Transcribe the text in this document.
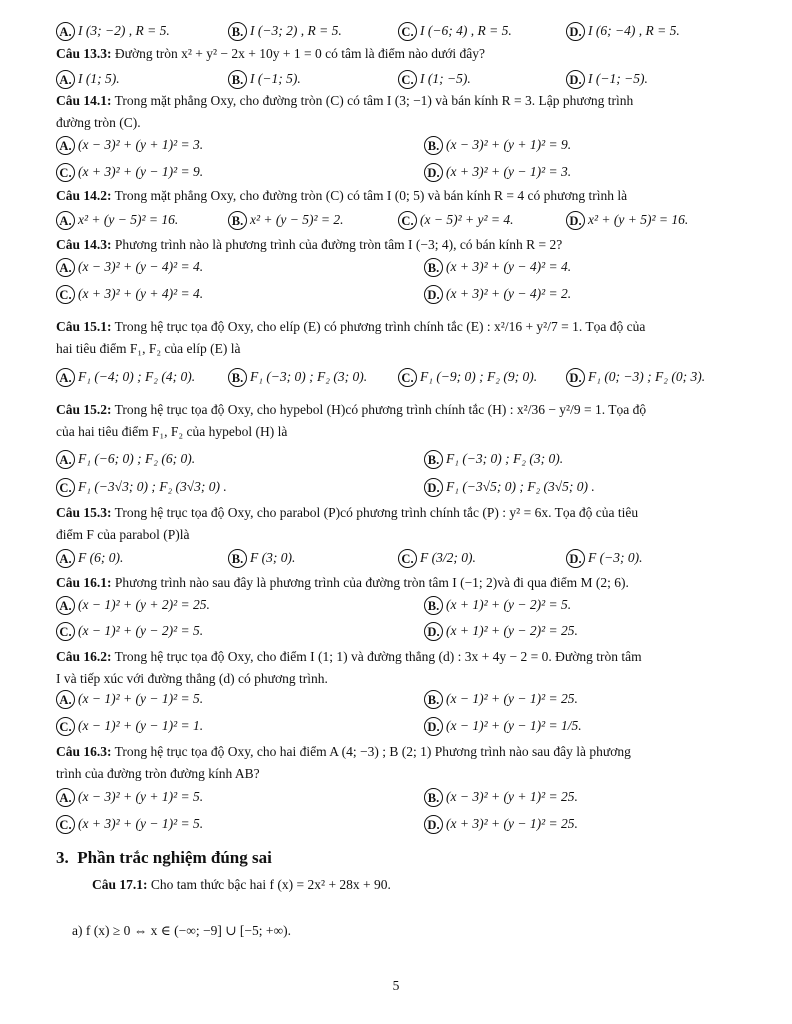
A. I (3; −2) , R = 5.	B. I (−3; 2) , R = 5.	C. I (−6; 4) , R = 5.	D. I (6; −4) , R = 5.
Câu 13.3: Đường tròn x² + y² − 2x + 10y + 1 = 0 có tâm là điểm nào dưới đây?
A. I (1; 5).	B. I (−1; 5).	C. I (1; −5).	D. I (−1; −5).
Câu 14.1: Trong mặt phẳng Oxy, cho đường tròn (C) có tâm I (3; −1) và bán kính R = 3. Lập phương trình
đường tròn (C).
A. (x − 3)² + (y + 1)² = 3.	B. (x − 3)² + (y + 1)² = 9.
C. (x + 3)² + (y − 1)² = 9.	D. (x + 3)² + (y − 1)² = 3.
Câu 14.2: Trong mặt phẳng Oxy, cho đường tròn (C) có tâm I (0; 5) và bán kính R = 4 có phương trình là
A. x² + (y − 5)² = 16.	B. x² + (y − 5)² = 2.	C. (x − 5)² + y² = 4.	D. x² + (y + 5)² = 16.
Câu 14.3: Phương trình nào là phương trình của đường tròn tâm I (−3; 4), có bán kính R = 2?
A. (x − 3)² + (y − 4)² = 4.	B. (x + 3)² + (y − 4)² = 4.
C. (x + 3)² + (y + 4)² = 4.	D. (x + 3)² + (y − 4)² = 2.
Câu 15.1: Trong hệ trục tọa độ Oxy, cho elíp (E) có phương trình chính tắc (E) : x²/16 + y²/7 = 1. Tọa độ của
hai tiêu điểm F₁, F₂ của elíp (E) là
A. F₁ (−4; 0) ; F₂ (4; 0).	B. F₁ (−3; 0) ; F₂ (3; 0).	C. F₁ (−9; 0) ; F₂ (9; 0).	D. F₁ (0; −3) ; F₂ (0; 3).
Câu 15.2: Trong hệ trục tọa độ Oxy, cho hypebol (H)có phương trình chính tắc (H) : x²/36 − y²/9 = 1. Tọa độ
của hai tiêu điểm F₁, F₂ của hypebol (H) là
A. F₁ (−6; 0) ; F₂ (6; 0).	B. F₁ (−3; 0) ; F₂ (3; 0).
C. F₁ (−3√3; 0) ; F₂ (3√3; 0) .	D. F₁ (−3√5; 0) ; F₂ (3√5; 0) .
Câu 15.3: Trong hệ trục tọa độ Oxy, cho parabol (P)có phương trình chính tắc (P) : y² = 6x. Tọa độ của tiêu
điểm F của parabol (P)là
A. F (6; 0).	B. F (3; 0).	C. F (3/2; 0).	D. F (−3; 0).
Câu 16.1: Phương trình nào sau đây là phương trình của đường tròn tâm I (−1; 2)và đi qua điểm M (2; 6).
A. (x − 1)² + (y + 2)² = 25.	B. (x + 1)² + (y − 2)² = 5.
C. (x − 1)² + (y − 2)² = 5.	D. (x + 1)² + (y − 2)² = 25.
Câu 16.2: Trong hệ trục tọa độ Oxy, cho điểm I (1; 1) và đường thẳng (d) : 3x + 4y − 2 = 0. Đường tròn tâm
I và tiếp xúc với đường thẳng (d) có phương trình.
A. (x − 1)² + (y − 1)² = 5.	B. (x − 1)² + (y − 1)² = 25.
C. (x − 1)² + (y − 1)² = 1.	D. (x − 1)² + (y − 1)² = 1/5.
Câu 16.3: Trong hệ trục tọa độ Oxy, cho hai điểm A (4; −3) ; B (2; 1) Phương trình nào sau đây là phương
trình của đường tròn đường kính AB?
A. (x − 3)² + (y + 1)² = 5.	B. (x − 3)² + (y + 1)² = 25.
C. (x + 3)² + (y − 1)² = 5.	D. (x + 3)² + (y − 1)² = 25.
3. Phần trắc nghiệm đúng sai
Câu 17.1: Cho tam thức bậc hai f (x) = 2x² + 28x + 90.
a) f (x) ≥ 0 ⇔ x ∈ (−∞; −9] ∪ [−5; +∞).
5
